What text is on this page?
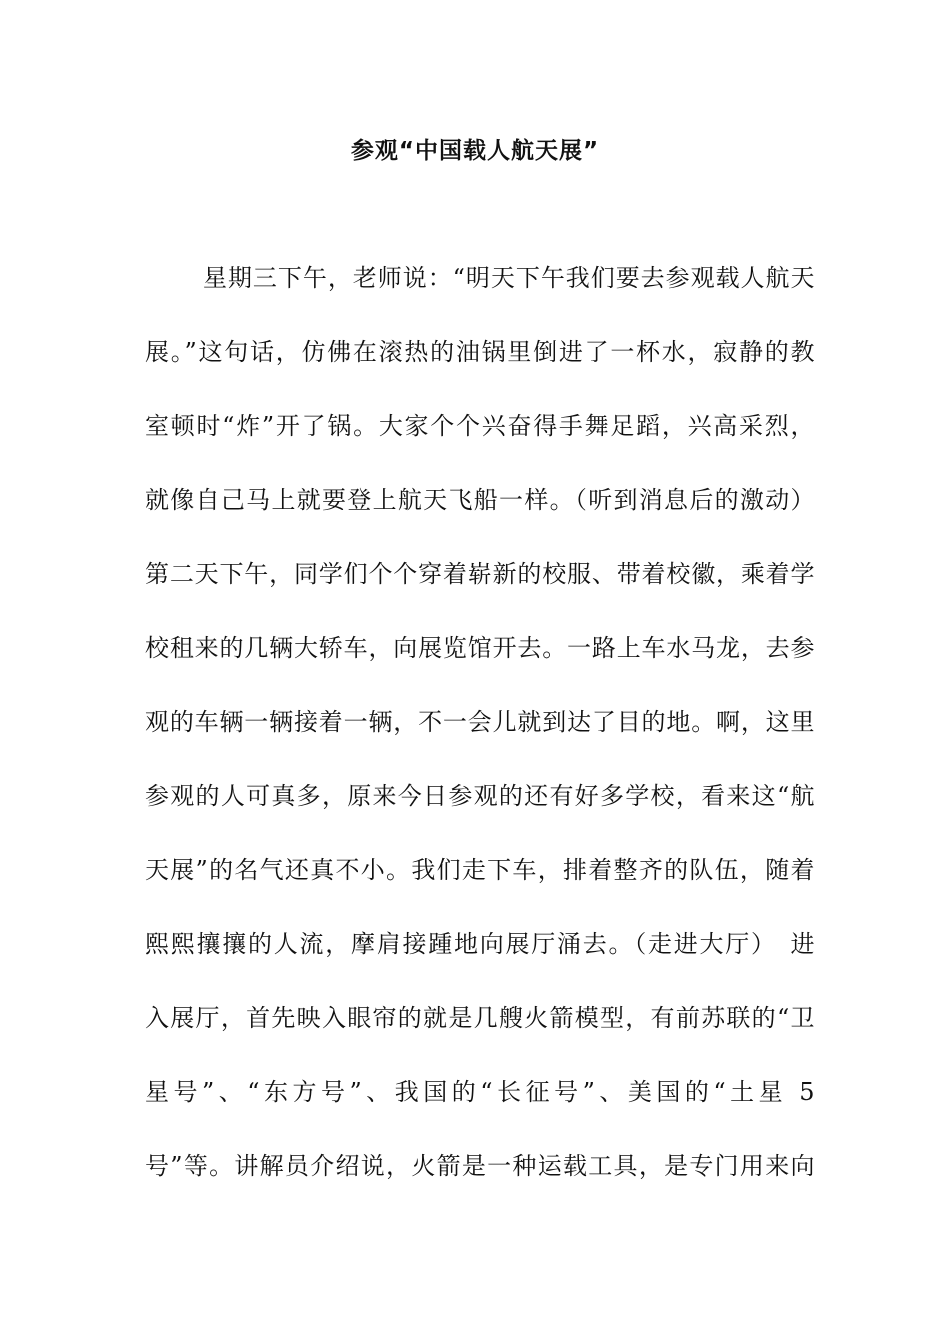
参观“中国载人航天展”
星期三下午，老师说：“明天下午我们要去参观载人航天
展。”这句话，仿佛在滚热的油锅里倒进了一杯水，寂静的教
室顿时“炸”开了锅。大家个个兴奋得手舞足蹈，兴高采烈，
就像自己马上就要登上航天飞船一样。（听到消息后的激动）
第二天下午，同学们个个穿着崭新的校服、带着校徽，乘着学
校租来的几辆大轿车，向展览馆开去。一路上车水马龙，去参
观的车辆一辆接着一辆，不一会儿就到达了目的地。啊，这里
参观的人可真多，原来今日参观的还有好多学校，看来这“航
天展”的名气还真不小。我们走下车，排着整齐的队伍，随着
熙熙攘攘的人流，摩肩接踵地向展厅涌去。（走进大厅）　进
入展厅，首先映入眼帘的就是几艘火箭模型，有前苏联的“卫
星号”、“东方号”、我国的“长征号”、美国的“土星 5
号”等。讲解员介绍说，火箭是一种运载工具，是专门用来向
